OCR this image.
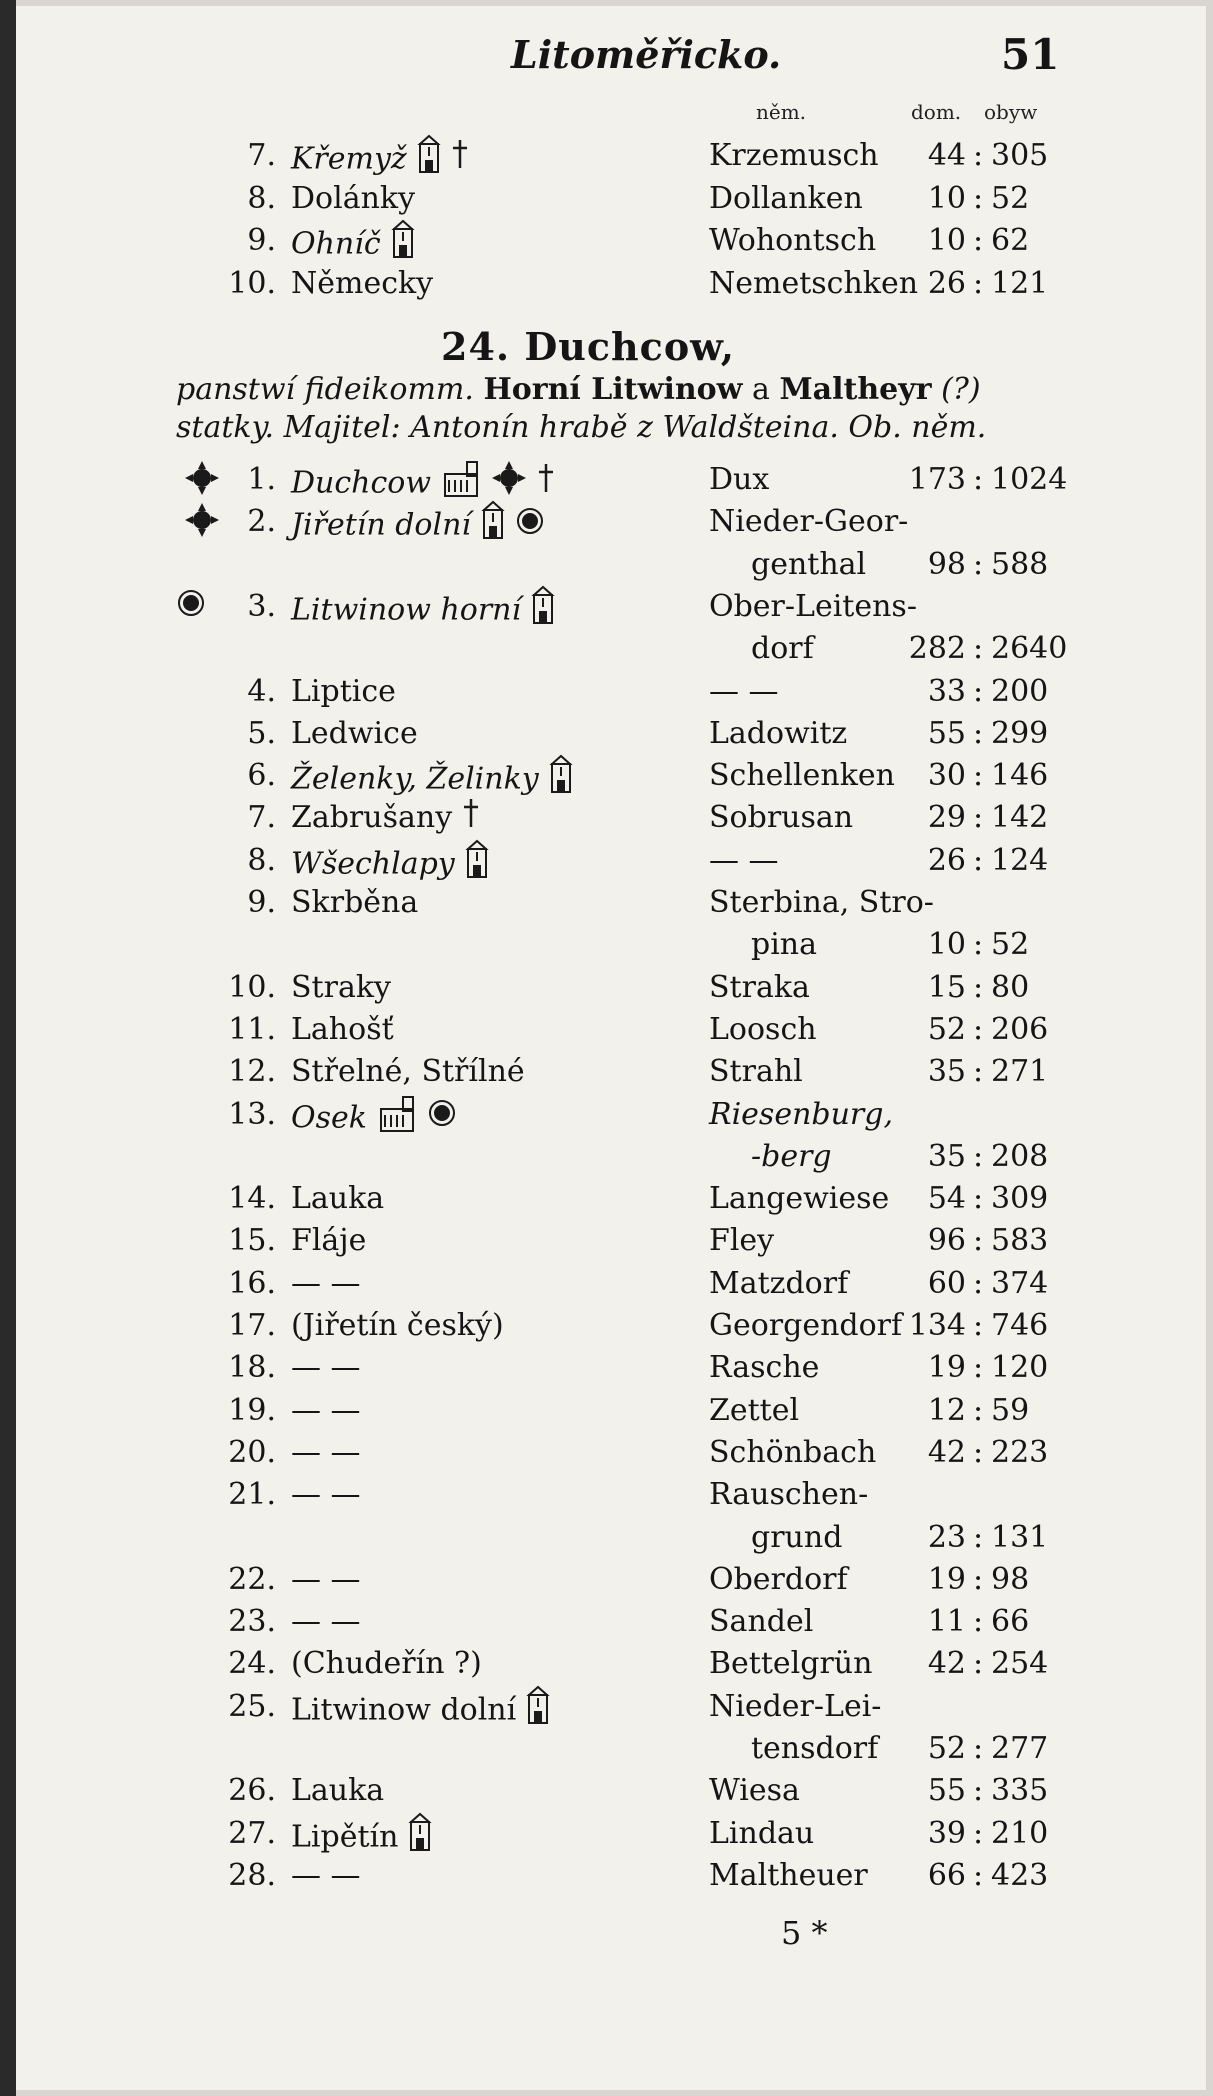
Litoměřicko.	51
něm.	dom. obyw
7. Křemyž	Krzemusch	44 : 305
8. Dolánky	Dollanken	10 : 52
9. Ohníč	Wohontsch	10 : 62
10. Německy	Nemetschken 26 : 121
24. Duchcow,
panstwí fideikomm. Horní Litwinow a Maltheyr (?)
statky. Majitel: Antonín hrabě z Waldšteina. Ob. něm.
1. Duchcow	Dux	173 : 1024
2. Jiřetín dolní	Nieder-Geor-
genthal	98 : 588
3. Litwinow horní	Ober-Leitens-
dorf	282 : 2640
4. Liptice	— —	33 : 200
5. Ledwice	Ladowitz	55 : 299
6. Želenky, Želinky	Schellenken	30 : 146
7. Zabrušany	Sobrusan	29 : 142
8. Wšechlapy	— —	26 : 124
9. Skrběna	Sterbina, Stro-
pina	10 : 52
10. Straky	Straka	15 : 80
11. Lahošť	Loosch	52 : 206
12. Střelné, Střílné	Strahl	35 : 271
13. Osek	Riesenburg,
-berg	35 : 208
14. Lauka	Langewiese	54 : 309
15. Fláje	Fley	96 : 583
16. — —	Matzdorf	60 : 374
17. (Jiřetín český)	Georgendorf 134 : 746
18. — —	Rasche	19 : 120
19. — —	Zettel	12 : 59
20. — —	Schönbach	42 : 223
21. — —	Rauschen-
grund	23 : 131
22. — —	Oberdorf	19 : 98
23. — —	Sandel	11 : 66
24. (Chudeřín ?)	Bettelgrün	42 : 254
25. Litwinow dolní	Nieder-Lei-
tensdorf	52 : 277
26. Lauka	Wiesa	55 : 335
27. Lipětín	Lindau	39 : 210
28. — —	Maltheuer	66 : 423
5 *
